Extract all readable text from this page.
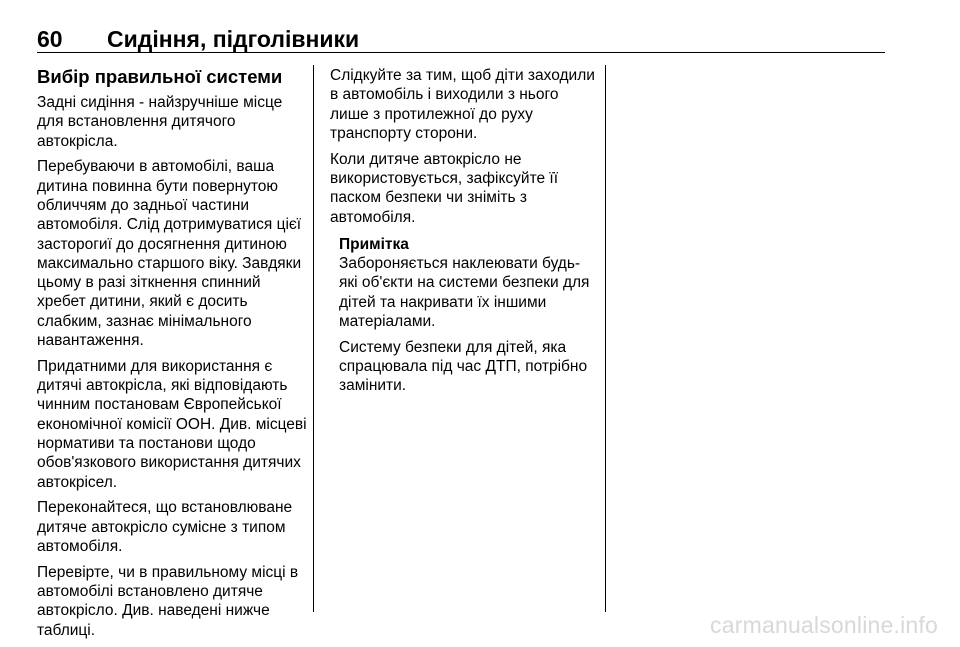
60 Сидіння, підголівники
Вибір правильної системи

Задні сидіння - найзручніше місце для встановлення дитячого автокрісла.

Перебуваючи в автомобілі, ваша дитина повинна бути повернутою обличчям до задньої частини автомобіля. Слід дотримуватися цієї засторогиї до досягнення дитиною максимально старшого віку. Завдяки цьому в разі зіткнення спинний хребет дитини, який є досить слабким, зазнає мінімального навантаження.

Придатними для використання є дитячі автокрісла, які відповідають чинним постановам Європейської економічної комісії ООН. Див. місцеві нормативи та постанови щодо обов'язкового використання дитячих автокрісел.

Переконайтеся, що встановлюване дитяче автокрісло сумісне з типом автомобіля.

Перевірте, чи в правильному місці в автомобілі встановлено дитяче автокрісло. Див. наведені нижче таблиці.

Слідкуйте за тим, щоб діти заходили в автомобіль і виходили з нього лише з протилежної до руху транспорту сторони.

Коли дитяче автокрісло не використовується, зафіксуйте її паском безпеки чи зніміть з автомобіля.

Примітка

Забороняється наклеювати будь-які об'єкти на системи безпеки для дітей та накривати їх іншими матеріалами.

Систему безпеки для дітей, яка спрацювала під час ДТП, потрібно замінити.

carmanualsonline.info
